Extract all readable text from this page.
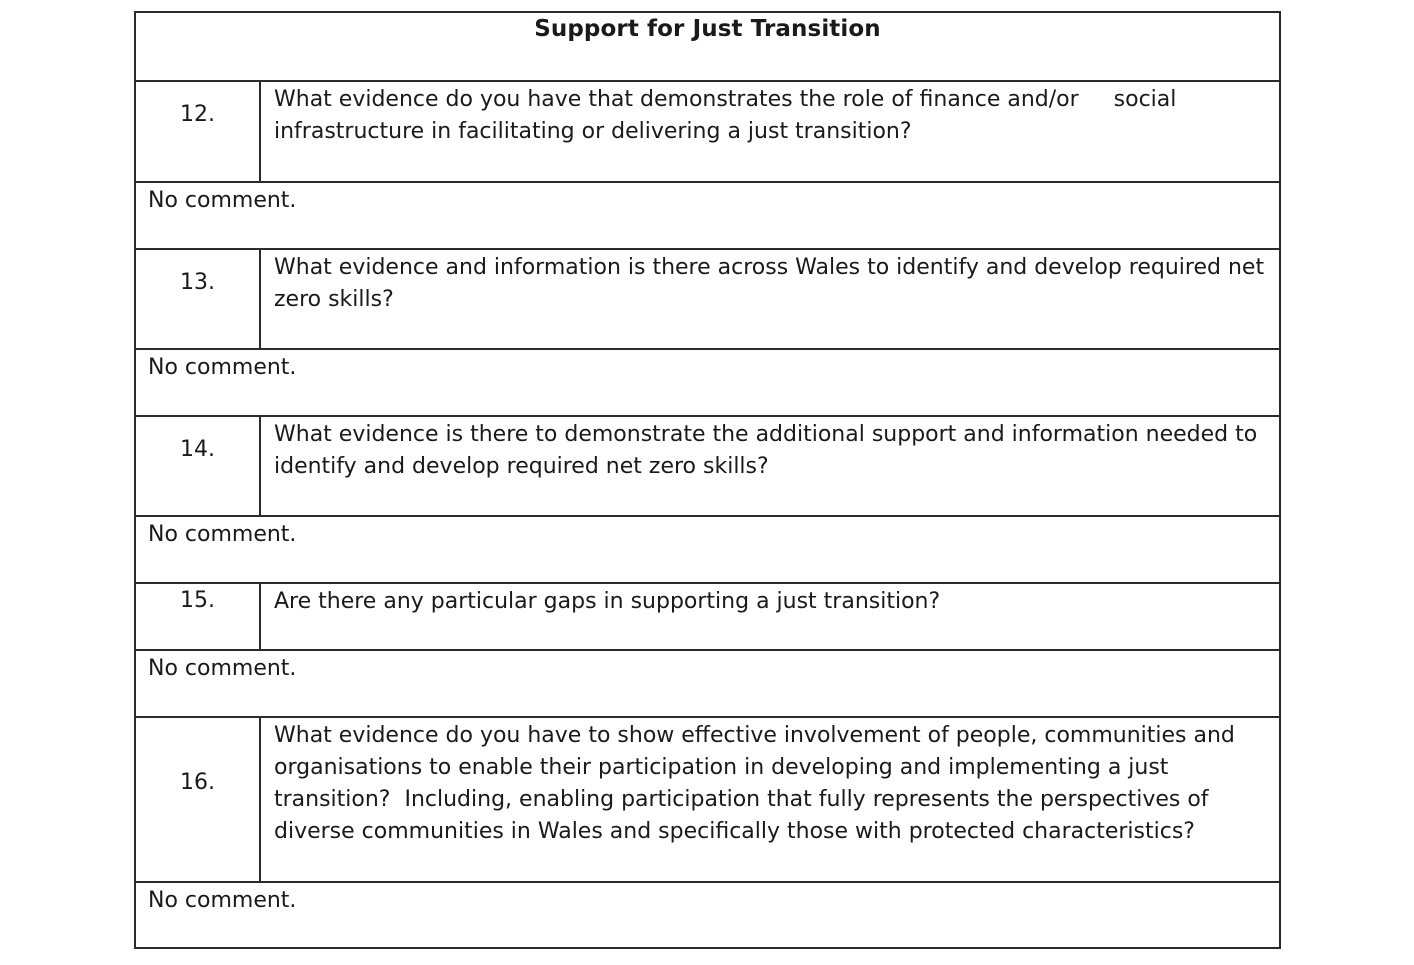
Support for Just Transition
12.
What evidence do you have that demonstrates the role of finance and/or     social infrastructure in facilitating or delivering a just transition?
No comment.
13.
What evidence and information is there across Wales to identify and develop required net zero skills?
No comment.
14.
What evidence is there to demonstrate the additional support and information needed to identify and develop required net zero skills?
No comment.
15.	Are there any particular gaps in supporting a just transition?
No comment.
16.
What evidence do you have to show effective involvement of people, communities and organisations to enable their participation in developing and implementing a just transition?  Including, enabling participation that fully represents the perspectives of diverse communities in Wales and specifically those with protected characteristics?
No comment.
